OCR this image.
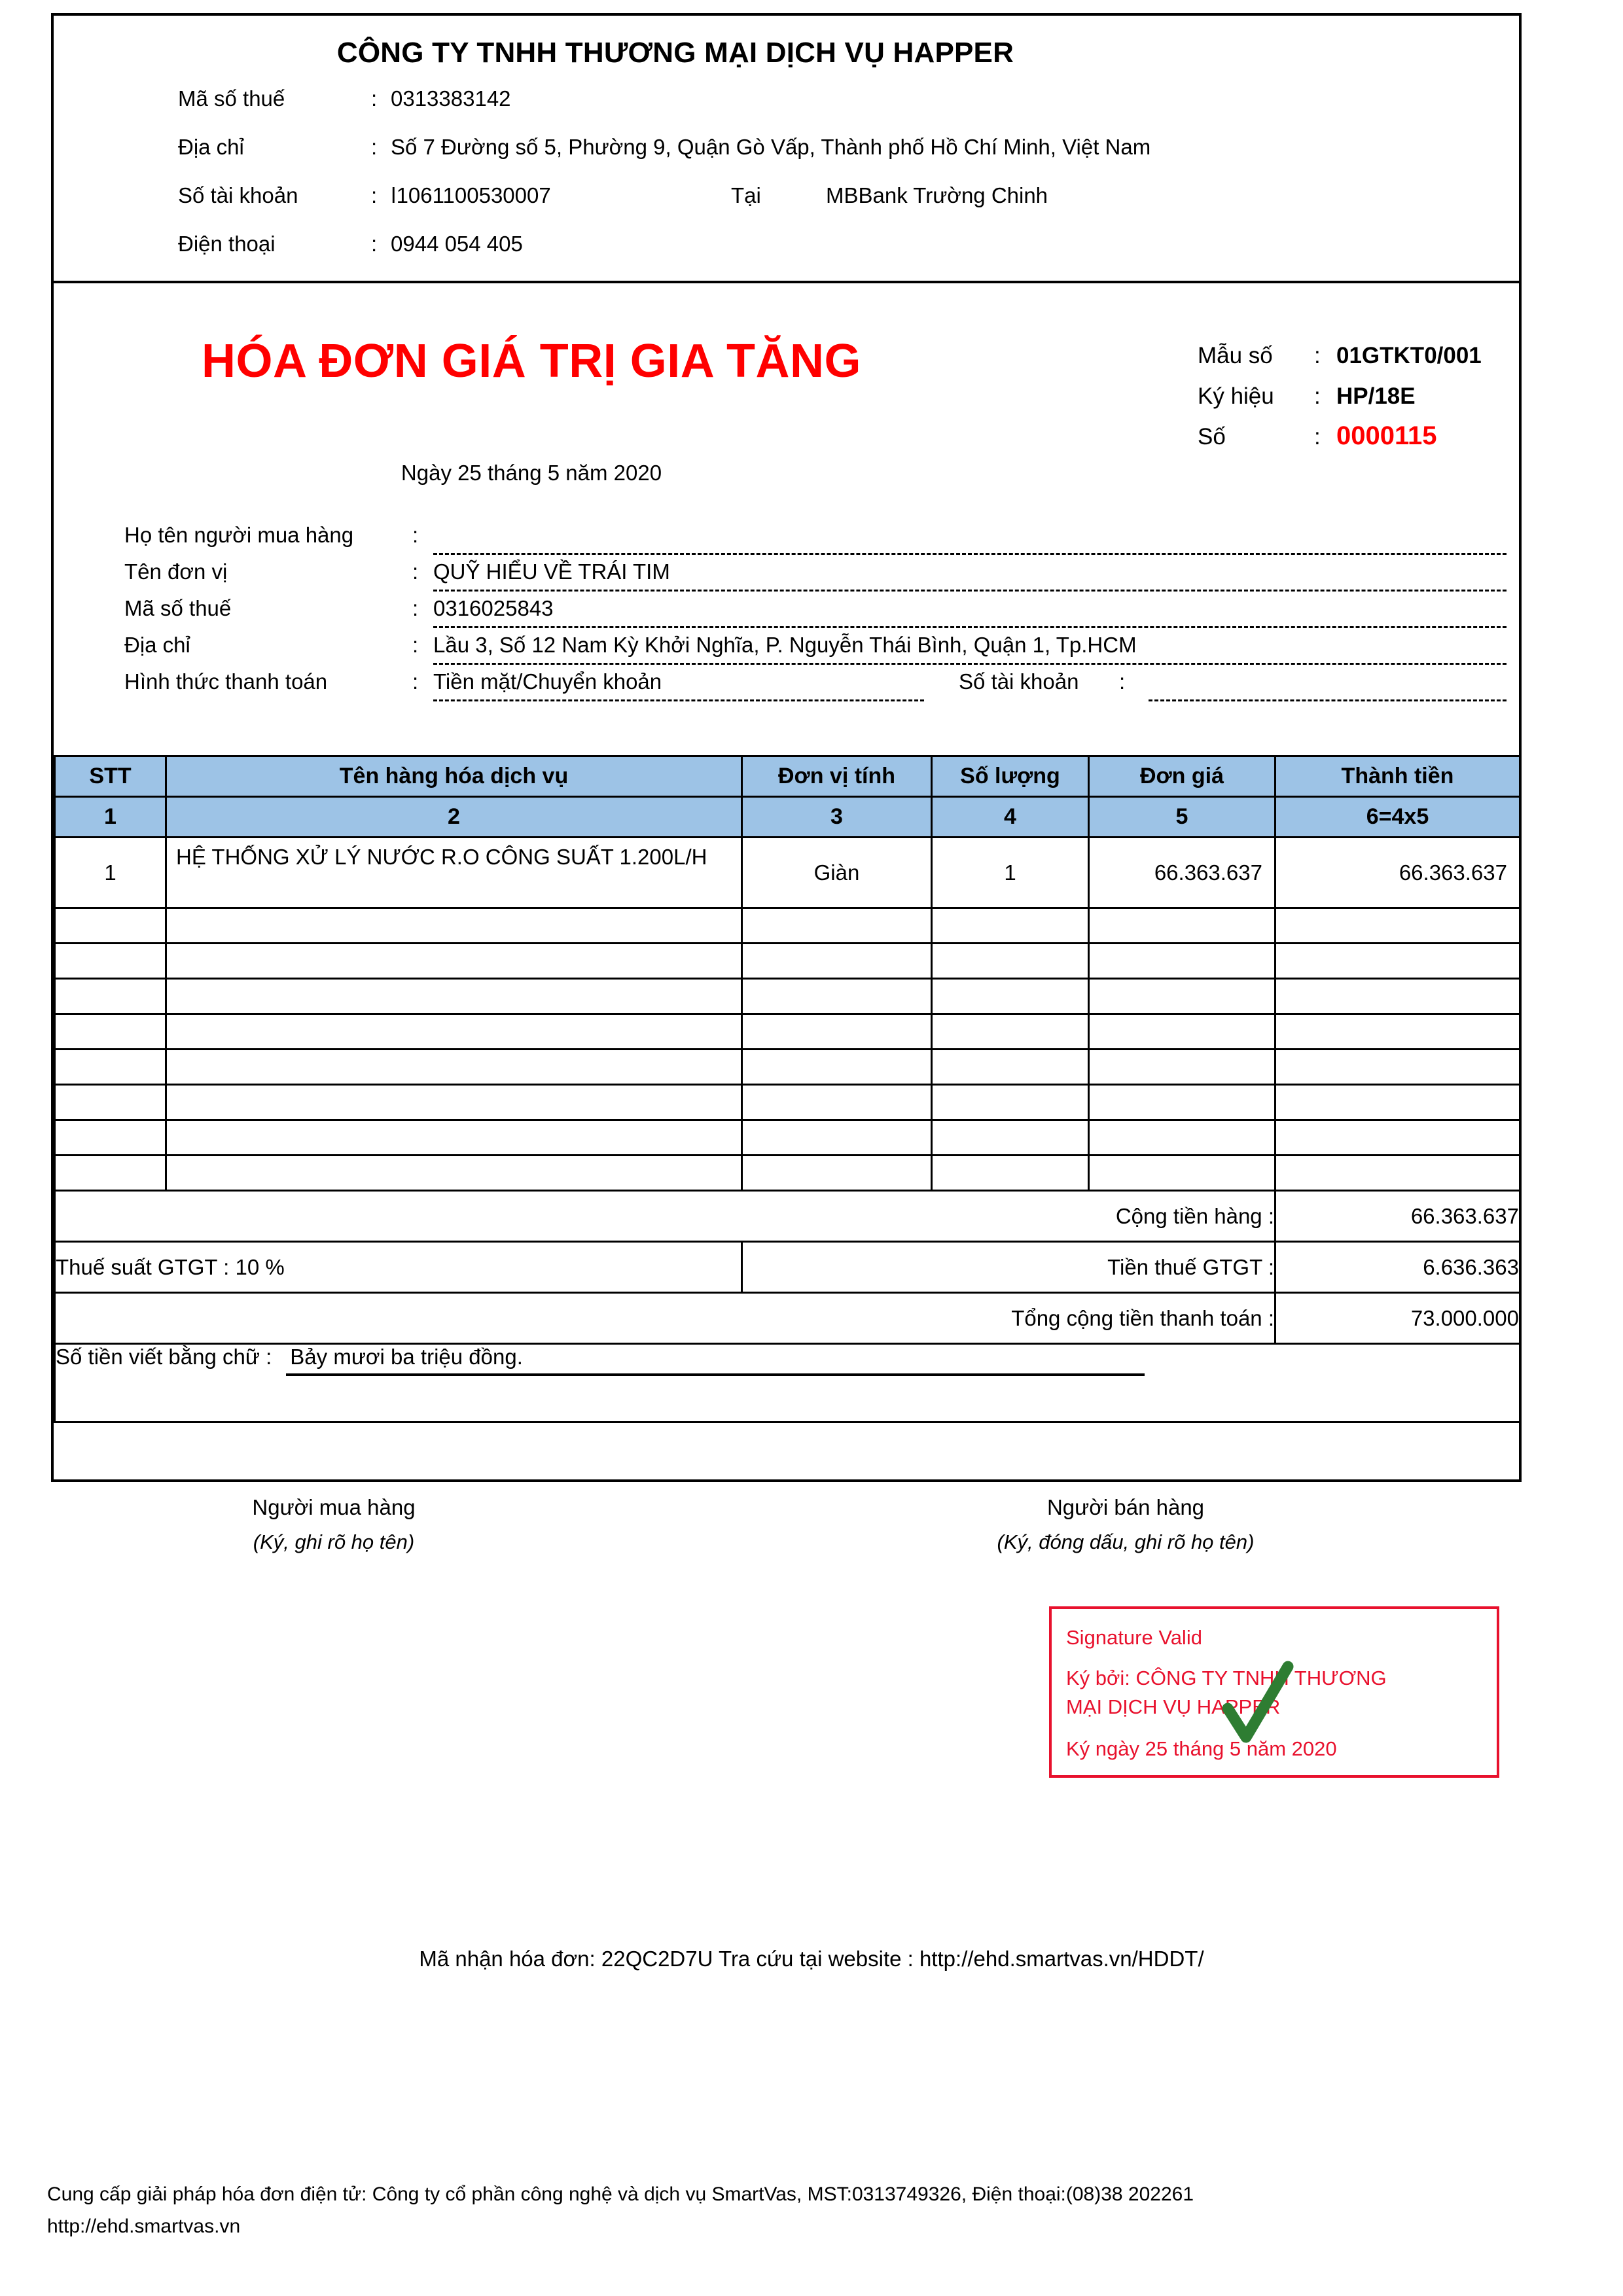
CÔNG TY TNHH THƯƠNG MẠI DỊCH VỤ HAPPER
Mã số thuế	: 0313383142
Địa chỉ	: Số 7 Đường số 5, Phường 9, Quận Gò Vấp, Thành phố Hồ Chí Minh, Việt Nam
Số tài khoản	: ǀ1061100530007	Tại	MBBank Trường Chinh
Điện thoại	: 0944 054 405
HÓA ĐƠN GIÁ TRỊ GIA TĂNG
Ngày 25 tháng 5 năm 2020
Mẫu số : 01GTKT0/001
Ký hiệu : HP/18E
Số	: 0000115
Họ tên người mua hàng	:
Tên đơn vị	: QUỸ HIỂU VỀ TRÁI TIM
Mã số thuế	: 0316025843
Địa chỉ	: Lầu 3, Số 12 Nam Kỳ Khởi Nghĩa, P. Nguyễn Thái Bình, Quận 1, Tp.HCM
Hình thức thanh toán	: Tiền mặt/Chuyển khoản	Số tài khoản :
STT	Tên hàng hóa dịch vụ	Đơn vị tính	Số lượng	Đơn giá	Thành tiền
1	2	3	4	5	6=4x5
1	HỆ THỐNG XỬ LÝ NƯỚC R.O CÔNG SUẤT 1.200L/H	Giàn	1	66.363.637	66.363.637

Cộng tiền hàng :					66.363.637
Thuế suất GTGT : 10 %		Tiền thuế GTGT :			6.636.363
Tổng cộng tiền thanh toán :					73.000.000
Số tiền viết bằng chữ : Bảy mươi ba triệu đồng.					
Người mua hàng
(Ký, ghi rõ họ tên)
Người bán hàng
(Ký, đóng dấu, ghi rõ họ tên)
Signature Valid
Ký bởi: CÔNG TY TNHH THƯƠNG
MẠI DỊCH VỤ HAPPER
Ký ngày 25 tháng 5 năm 2020
Mã nhận hóa đơn: 22QC2D7U Tra cứu tại website : http://ehd.smartvas.vn/HDDT/
Cung cấp giải pháp hóa đơn điện tử: Công ty cổ phần công nghệ và dịch vụ SmartVas, MST:0313749326, Điện thoại:(08)38 202261
http://ehd.smartvas.vn
